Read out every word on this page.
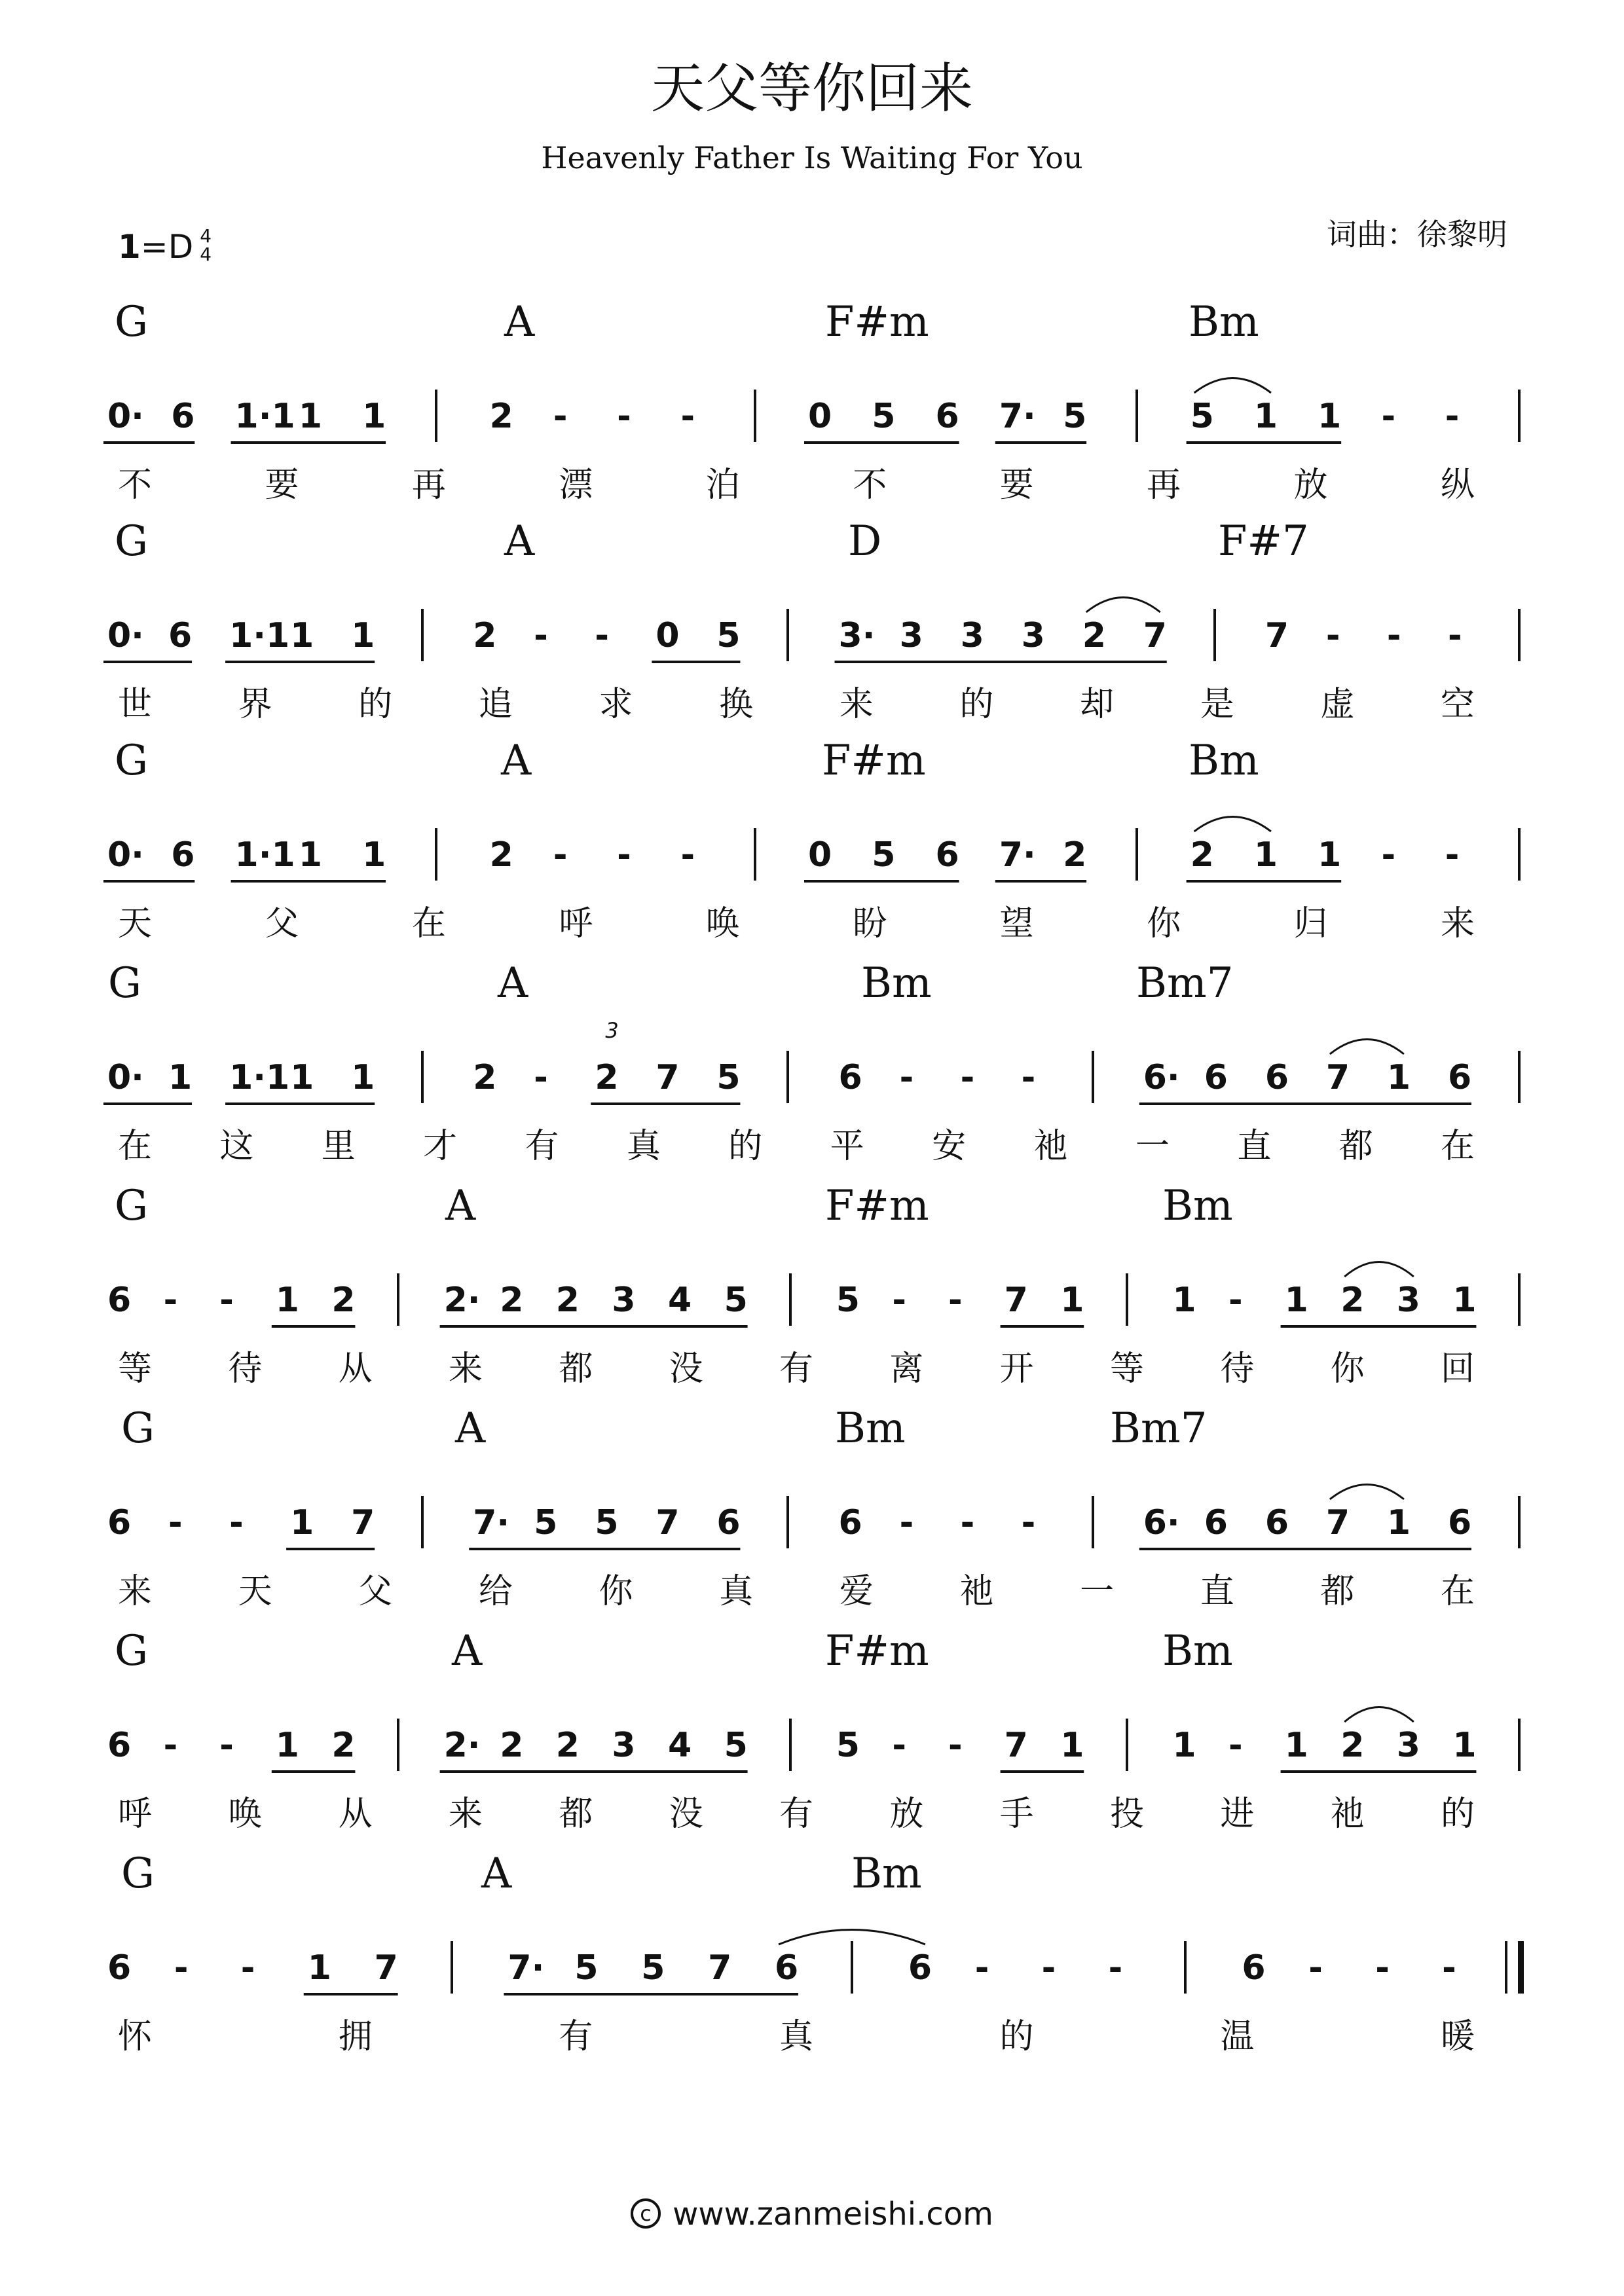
天父等你回来
Heavenly Father Is Waiting For You
1=D 4
4
词曲：徐黎明
G	A	F#m	Bm
0· 6 1·1 1 1	2 - - -	0 5 6 7· 5	5 1 1 - -
不	要	再	漂	泊	不	要	再	放	纵
G	A	D	F#7
0· 6 1·1 1 1	2 - - 0 5	3· 3 3 3 2 7	7 - - -
世	界	的	追	求	换	来	的	却	是	虚	空
G	A	F#m	Bm
0· 6 1·1 1 1	2 - - -	0 5 6 7· 2	2 1 1 - -
天	父	在	呼	唤	盼	望	你	归	来
G	A	Bm	Bm7
0· 1 1·1 1 1	2 - 2 7 5	6 - - -	6· 6 6 7 1 6
3
在 这 里 才 有 真 的 平 安 祂 一 直 都 在
G	A	F#m	Bm
6 - - 1 2	2· 2 2 3 4 5	5 - - 7 1	1 - 1 2 3 1
等 待 从 来 都 没 有 离 开 等 待 你 回
G	A	Bm	Bm7
6 - - 1 7	7· 5 5 7 6	6 - - -	6· 6 6 7 1 6
来	天	父	给	你	真	爱	祂	一	直	都	在
G	A	F#m	Bm
6 - - 1 2	2· 2 2 3 4 5	5 - - 7 1	1 - 1 2 3 1
呼 唤 从 来 都 没 有 放 手 投 进 祂 的
G	A	Bm
6 - - 1 7	7· 5 5 7 6	6 - - -	6 - - -
怀	拥	有	真	的	温	暖
c www.zanmeishi.com
